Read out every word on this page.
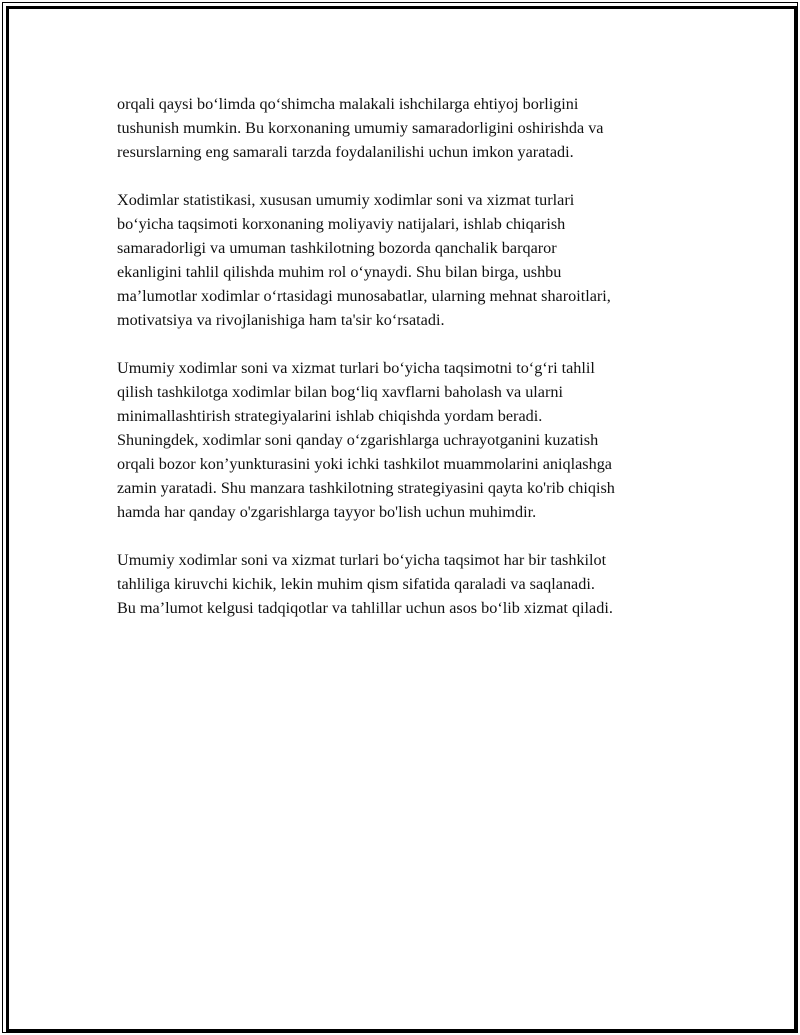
orqali qaysi bo‘limda qo‘shimcha malakali ishchilarga ehtiyoj borligini
tushunish mumkin. Bu korxonaning umumiy samaradorligini oshirishda va
resurslarning eng samarali tarzda foydalanilishi uchun imkon yaratadi.

Xodimlar statistikasi, xususan umumiy xodimlar soni va xizmat turlari
bo‘yicha taqsimoti korxonaning moliyaviy natijalari, ishlab chiqarish
samaradorligi va umuman tashkilotning bozorda qanchalik barqaror
ekanligini tahlil qilishda muhim rol o‘ynaydi. Shu bilan birga, ushbu
ma’lumotlar xodimlar o‘rtasidagi munosabatlar, ularning mehnat sharoitlari,
motivatsiya va rivojlanishiga ham ta'sir ko‘rsatadi.

Umumiy xodimlar soni va xizmat turlari bo‘yicha taqsimotni to‘g‘ri tahlil
qilish tashkilotga xodimlar bilan bog‘liq xavflarni baholash va ularni
minimallashtirish strategiyalarini ishlab chiqishda yordam beradi.
Shuningdek, xodimlar soni qanday o‘zgarishlarga uchrayotganini kuzatish
orqali bozor kon’yunkturasini yoki ichki tashkilot muammolarini aniqlashga
zamin yaratadi. Shu manzara tashkilotning strategiyasini qayta ko'rib chiqish
hamda har qanday o'zgarishlarga tayyor bo'lish uchun muhimdir.

Umumiy xodimlar soni va xizmat turlari bo‘yicha taqsimot har bir tashkilot
tahliliga kiruvchi kichik, lekin muhim qism sifatida qaraladi va saqlanadi.
Bu ma’lumot kelgusi tadqiqotlar va tahlillar uchun asos bo‘lib xizmat qiladi.
